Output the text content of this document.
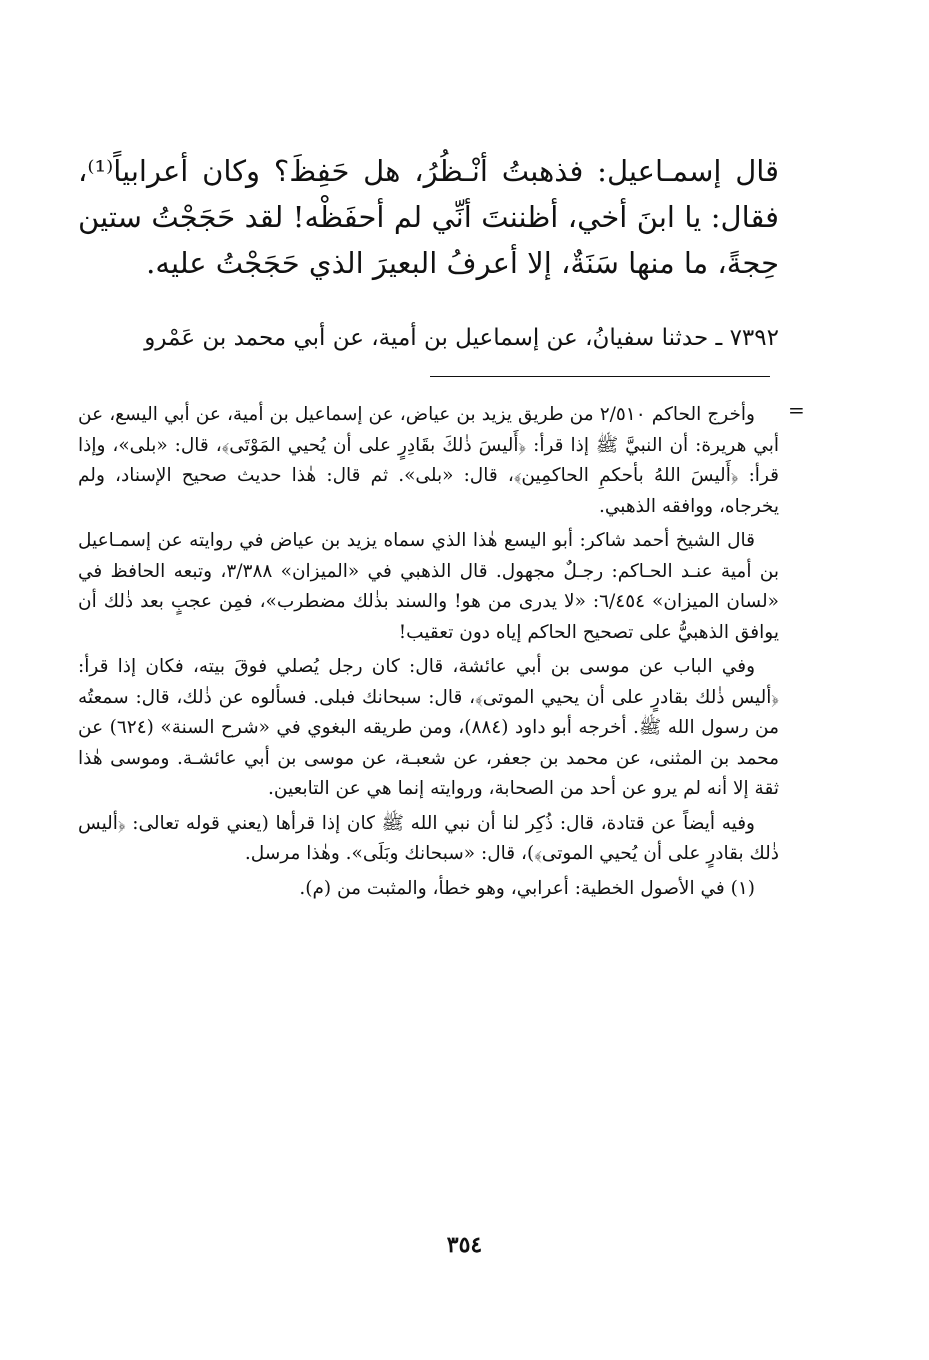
قال إسمـاعيل: فذهبتُ أنْـظُرُ، هل حَفِظَ؟ وكان أعرابياً⁽¹⁾، فقال: يا ابنَ أخي، أظننتَ أنِّي لم أحفَظْه! لقد حَجَجْتُ ستين حِجةً، ما منها سَنَةٌ، إلا أعرفُ البعيرَ الذي حَجَجْتُ عليه.

٧٣٩٢ ـ حدثنا سفيانُ، عن إسماعيل بن أمية، عن أبي محمد بن عَمْرو
=

وأخرج الحاكم ٢/٥١٠ من طريق يزيد بن عياض، عن إسماعيل بن أمية، عن أبي اليسع، عن أبي هريرة: أن النبيَّ ﷺ إذا قرأ: ﴿أَليسَ ذٰلكَ بقَادِرٍ على أن يُحيي المَوْتَى﴾، قال: «بلى»، وإذا قرأ: ﴿أَليسَ اللهُ بأحكمِ الحاكمِين﴾، قال: «بلى». ثم قال: هٰذا حديث صحيح الإسناد، ولم يخرجاه، ووافقه الذهبي.

قال الشيخ أحمد شاكر: أبو اليسع هٰذا الذي سماه يزيد بن عياض في روايته عن إسمـاعيل بن أمية عنـد الحـاكم: رجـلٌ مجهول. قال الذهبي في «الميزان» ٣/٣٨٨، وتبعه الحافظ في «لسان الميزان» ٦/٤٥٤: «لا يدرى من هو! والسند بذٰلك مضطرب»، فمِن عجبٍ بعد ذٰلك أن يوافق الذهبيُّ على تصحيح الحاكم إياه دون تعقيب!

وفي الباب عن موسى بن أبي عائشة، قال: كان رجل يُصلي فوقَ بيته، فكان إذا قرأ: ﴿أليس ذٰلك بقادرٍ على أن يحيي الموتى﴾، قال: سبحانك فبلى. فسألوه عن ذٰلك، قال: سمعتُه من رسول الله ﷺ. أخرجه أبو داود (٨٨٤)، ومن طريقه البغوي في «شرح السنة» (٦٢٤) عن محمد بن المثنى، عن محمد بن جعفر، عن شعبـة، عن موسى بن أبي عائشـة. وموسى هٰذا ثقة إلا أنه لم يرو عن أحد من الصحابة، وروايته إنما هي عن التابعين.

وفيه أيضاً عن قتادة، قال: ذُكِر لنا أن نبي الله ﷺ كان إذا قرأها (يعني قوله تعالى: ﴿أليس ذٰلك بقادرٍ على أن يُحيي الموتى﴾)، قال: «سبحانك وبَلَى». وهٰذا مرسل.

(١) في الأصول الخطية: أعرابي، وهو خطأ، والمثبت من (م).

٣٥٤
